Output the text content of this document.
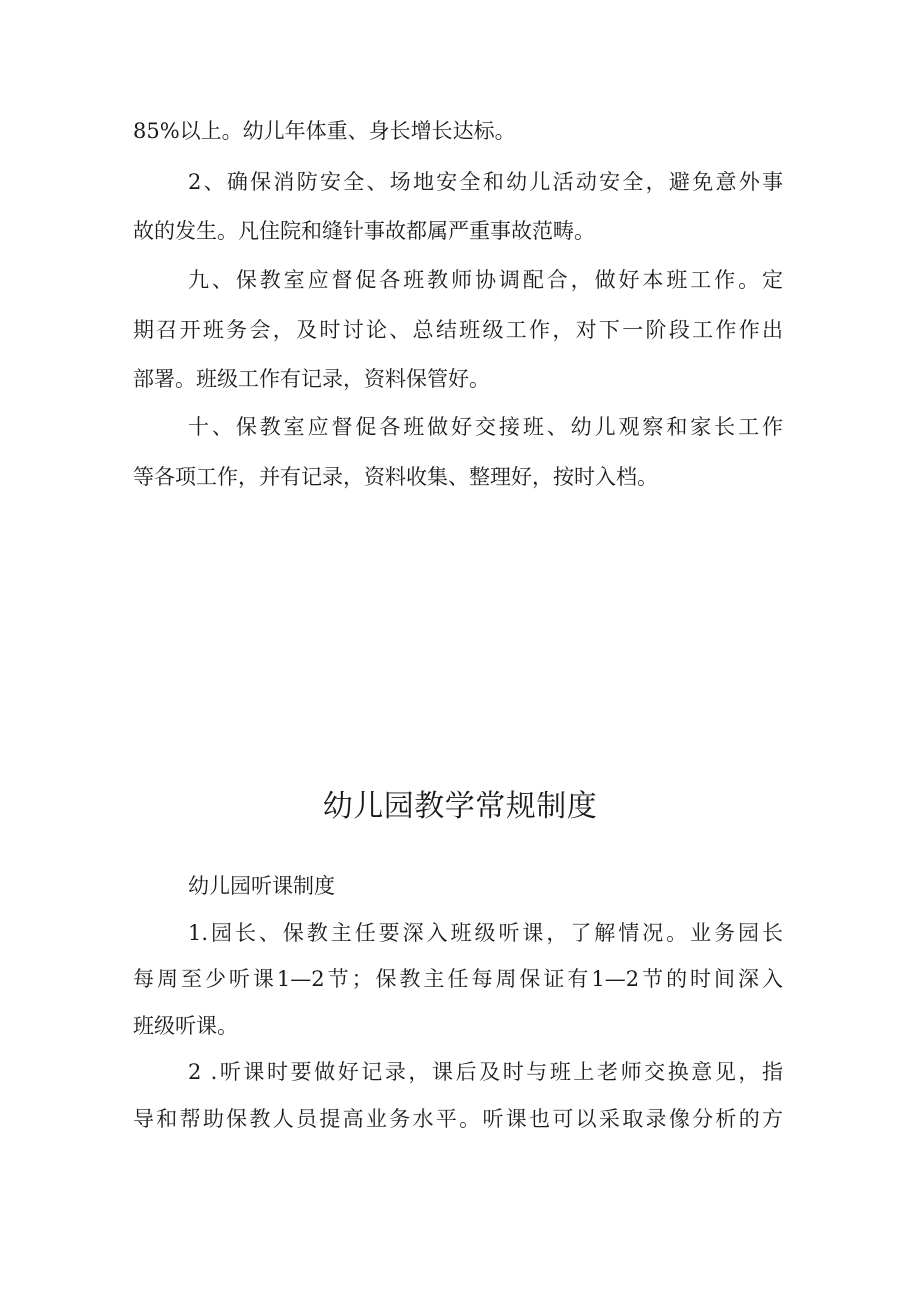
85%以上。幼儿年体重、身长增长达标。
2、确保消防安全、场地安全和幼儿活动安全，避免意外事
故的发生。凡住院和缝针事故都属严重事故范畴。
九、保教室应督促各班教师协调配合，做好本班工作。定
期召开班务会，及时讨论、总结班级工作，对下一阶段工作作出
部署。班级工作有记录，资料保管好。
十、保教室应督促各班做好交接班、幼儿观察和家长工作
等各项工作，并有记录，资料收集、整理好，按时入档。
幼儿园教学常规制度
幼儿园听课制度
1.园长、保教主任要深入班级听课，了解情况。业务园长
每周至少听课1—2节；保教主任每周保证有1—2节的时间深入
班级听课。
2 .听课时要做好记录，课后及时与班上老师交换意见，指
导和帮助保教人员提高业务水平。听课也可以采取录像分析的方
